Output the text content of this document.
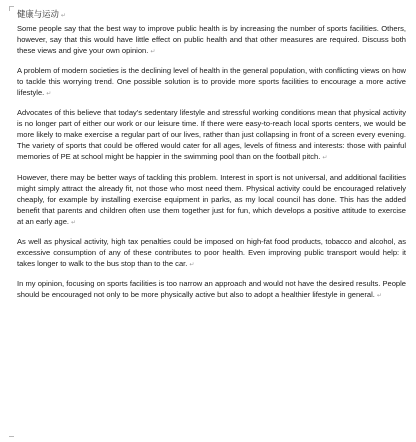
健康与运动 ↵

Some people say that the best way to improve public health is by increasing the number of sports facilities. Others, however, say that this would have little effect on public health and that other measures are required. Discuss both these views and give your own opinion. ↵

A problem of modern societies is the declining level of health in the general population, with conflicting views on how to tackle this worrying trend. One possible solution is to provide more sports facilities to encourage a more active lifestyle. ↵

Advocates of this believe that today's sedentary lifestyle and stressful working conditions mean that physical activity is no longer part of either our work or our leisure time. If there were easy-to-reach local sports centers, we would be more likely to make exercise a regular part of our lives, rather than just collapsing in front of a screen every evening. The variety of sports that could be offered would cater for all ages, levels of fitness and interests: those with painful memories of PE at school might be happier in the swimming pool than on the football pitch. ↵

However, there may be better ways of tackling this problem. Interest in sport is not universal, and additional facilities might simply attract the already fit, not those who most need them. Physical activity could be encouraged relatively cheaply, for example by installing exercise equipment in parks, as my local council has done. This has the added benefit that parents and children often use them together just for fun, which develops a positive attitude to exercise at an early age. ↵

As well as physical activity, high tax penalties could be imposed on high-fat food products, tobacco and alcohol, as excessive consumption of any of these contributes to poor health. Even improving public transport would help: it takes longer to walk to the bus stop than to the car. ↵

In my opinion, focusing on sports facilities is too narrow an approach and would not have the desired results. People should be encouraged not only to be more physically active but also to adopt a healthier lifestyle in general. ↵
